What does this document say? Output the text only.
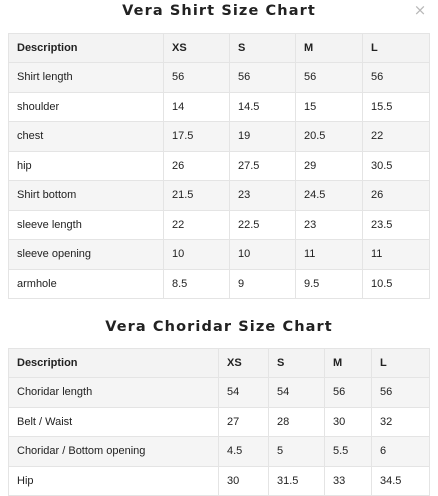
×
Vera Shirt Size Chart
Description	XS	S	M	L
Shirt length	56	56	56	56
shoulder	14	14.5	15	15.5
chest	17.5	19	20.5	22
hip	26	27.5	29	30.5
Shirt bottom	21.5	23	24.5	26
sleeve length	22	22.5	23	23.5
sleeve opening	10	10	11	11
armhole	8.5	9	9.5	10.5
Vera Choridar Size Chart
Description	XS	S	M	L
Choridar length	54	54	56	56
Belt / Waist	27	28	30	32
Choridar / Bottom opening	4.5	5	5.5	6
Hip	30	31.5	33	34.5
